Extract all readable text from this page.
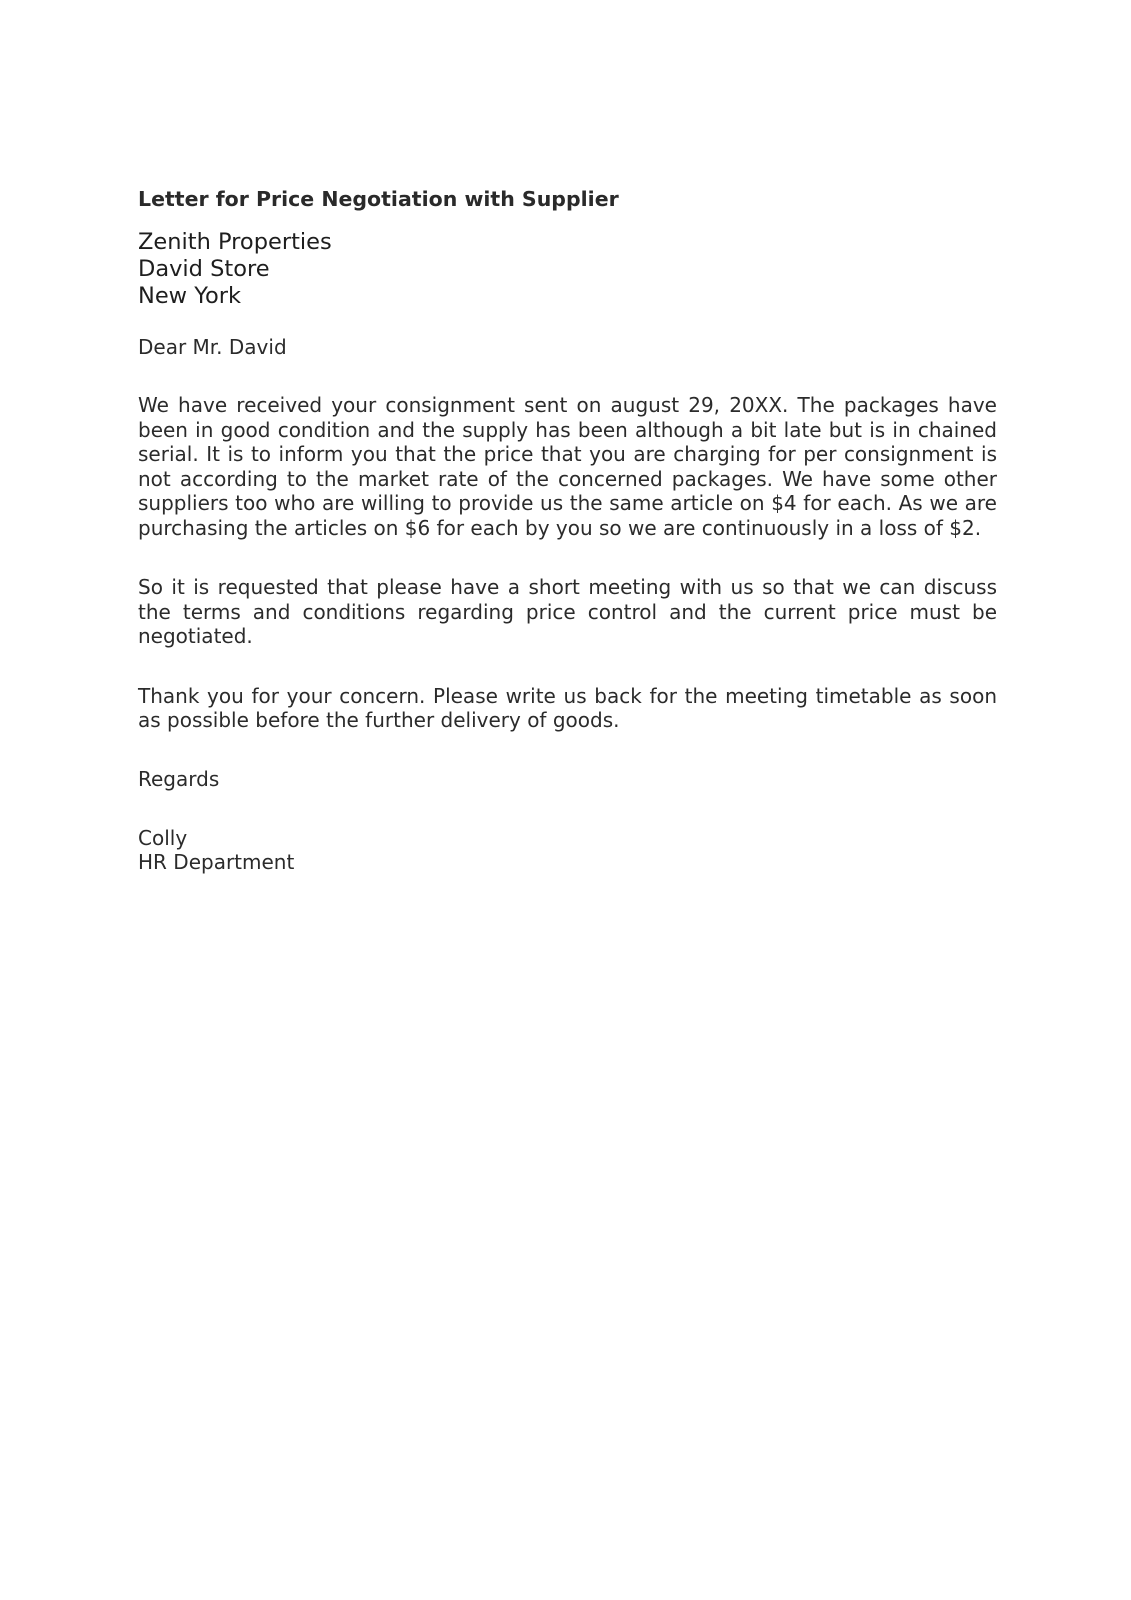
Letter for Price Negotiation with Supplier
Zenith Properties
David Store
New York
Dear Mr. David

We have received your consignment sent on august 29, 20XX. The packages have been in good condition and the supply has been although a bit late but is in chained serial. It is to inform you that the price that you are charging for per consignment is not according to the market rate of the concerned packages. We have some other suppliers too who are willing to provide us the same article on $4 for each. As we are purchasing the articles on $6 for each by you so we are continuously in a loss of $2.

So it is requested that please have a short meeting with us so that we can discuss the terms and conditions regarding price control and the current price must be negotiated.

Thank you for your concern. Please write us back for the meeting timetable as soon as possible before the further delivery of goods.

Regards
Colly
HR Department
